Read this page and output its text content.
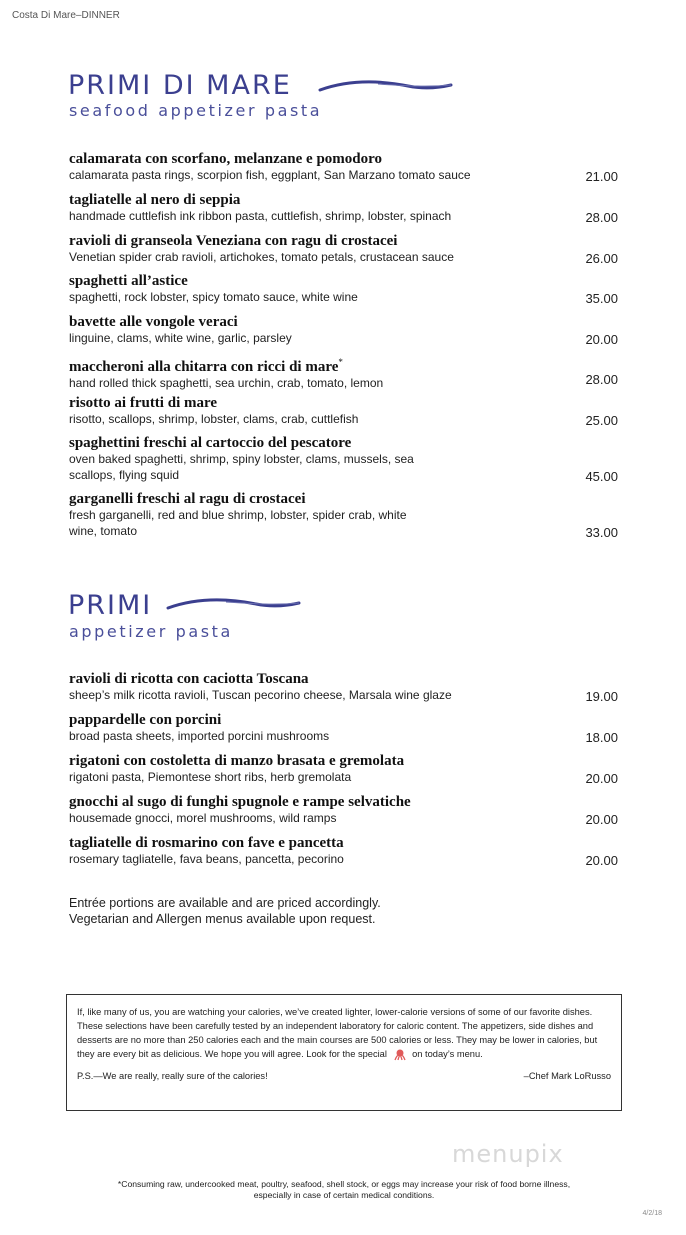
Costa Di Mare–DINNER
PRIMI DI MARE
seafood appetizer pasta
calamarata con scorfano, melanzane e pomodoro
calamarata pasta rings, scorpion fish, eggplant, San Marzano tomato sauce	21.00
tagliatelle al nero di seppia
handmade cuttlefish ink ribbon pasta, cuttlefish, shrimp, lobster, spinach	28.00
ravioli di granseola Veneziana con ragu di crostacei
Venetian spider crab ravioli, artichokes, tomato petals, crustacean sauce	26.00
spaghetti all’astice
spaghetti, rock lobster, spicy tomato sauce, white wine	35.00
bavette alle vongole veraci
linguine, clams, white wine, garlic, parsley	20.00
maccheroni alla chitarra con ricci di mare*
hand rolled thick spaghetti, sea urchin, crab, tomato, lemon	28.00
risotto ai frutti di mare
risotto, scallops, shrimp, lobster, clams, crab, cuttlefish	25.00
spaghettini freschi al cartoccio del pescatore
oven baked spaghetti, shrimp, spiny lobster, clams, mussels, sea scallops, flying squid	45.00
garganelli freschi al ragu di crostacei
fresh garganelli, red and blue shrimp, lobster, spider crab, white wine, tomato	33.00
PRIMI
appetizer pasta
ravioli di ricotta con caciotta Toscana
sheep’s milk ricotta ravioli, Tuscan pecorino cheese, Marsala wine glaze	19.00
pappardelle con porcini
broad pasta sheets, imported porcini mushrooms	18.00
rigatoni con costoletta di manzo brasata e gremolata
rigatoni pasta, Piemontese short ribs, herb gremolata	20.00
gnocchi al sugo di funghi spugnole e rampe selvatiche
housemade gnocci, morel mushrooms, wild ramps	20.00
tagliatelle di rosmarino con fave e pancetta
rosemary tagliatelle, fava beans, pancetta, pecorino	20.00
Entrée portions are available and are priced accordingly.
Vegetarian and Allergen menus available upon request.

If, like many of us, you are watching your calories, we’ve created lighter, lower-calorie versions of some of our favorite dishes. These selections have been carefully tested by an independent laboratory for caloric content. The appetizers, side dishes and desserts are no more than 250 calories each and the main courses are 500 calories or less. They may be lower in calories, but they are every bit as delicious. We hope you will agree. Look for the special	on today’s menu.

P.S.—We are really, really sure of the calories!	–Chef Mark LoRusso
menupix
*Consuming raw, undercooked meat, poultry, seafood, shell stock, or eggs may increase your risk of food borne illness,
especially in case of certain medical conditions.
4/2/18
